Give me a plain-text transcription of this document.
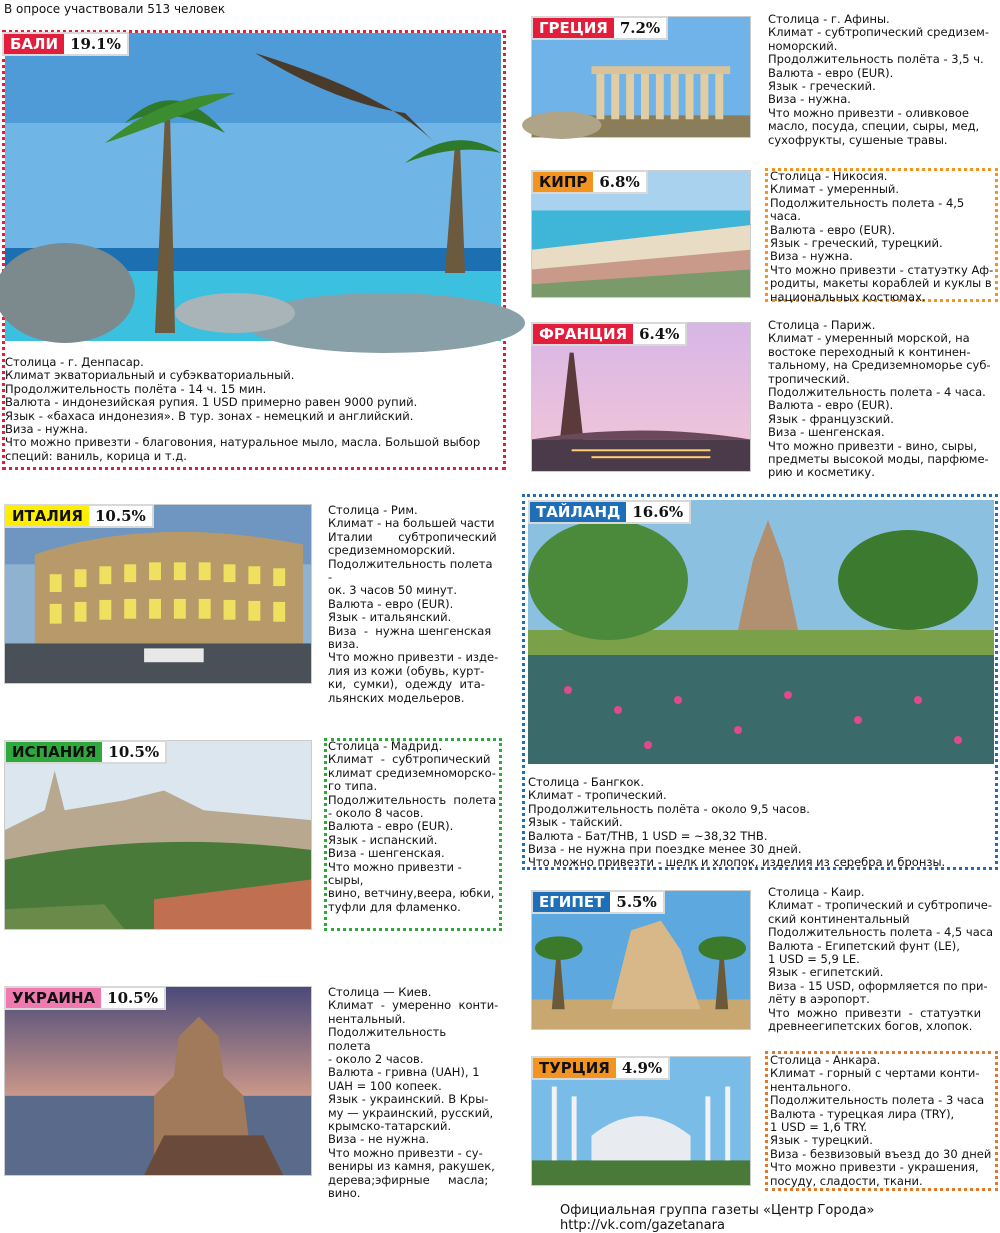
В опросе участвовали 513 человек
БАЛИ 19.1%
Столица - г. Денпасар.
Климат экваториальный и субэкваториальный.
Продолжительность полёта - 14 ч. 15 мин.
Валюта - индонезийская рупия. 1 USD примерно равен 9000 рупий.
Язык - «бахаса индонезия». В тур. зонах - немецкий и английский.
Виза - нужна.
Что можно привезти - благовония, натуральное мыло, масла. Большой выбор
специй: ваниль, корица и т.д.
ГРЕЦИЯ 7.2%	Столица - г. Афины.
Климат - субтропический средизем-
номорский.
Продолжительность полёта - 3,5 ч.
Валюта - евро (EUR).
Язык - греческий.
Виза - нужна.
Что можно привезти - оливковое
масло, посуда, специи, сыры, мед,
сухофрукты, сушеные травы.
КИПР 6.8%	Столица - Никосия.
Климат - умеренный.
Подолжительность полета - 4,5 часа.
Валюта - евро (EUR).
Язык - греческий, турецкий.
Виза - нужна.
Что можно привезти - статуэтку Аф-
родиты, макеты кораблей и куклы в
национальных костюмах.
ФРАНЦИЯ 6.4%	Столица - Париж.
Климат - умеренный морской, на
востоке переходный к континен-
тальному, на Средиземноморье суб-
тропический.
Подолжительность полета - 4 часа.
Валюта - евро (EUR).
Язык - французский.
Виза - шенгенская.
Что можно привезти - вино, сыры,
предметы высокой моды, парфюме-
рию и косметику.
ИТАЛИЯ 10.5%	Столица - Рим.
Климат - на большей части
Италии       субтропический
средиземноморский.
Подолжительность полета -
ок. 3 часов 50 минут.
Валюта - евро (EUR).
Язык - итальянский.
Виза  -  нужна шенгенская
виза.
Что можно привезти - изде-
лия из кожи (обувь, курт-
ки,  сумки),  одежду  ита-
льянских модельеров.
ТАЙЛАНД 16.6%
Столица - Бангкок.
Климат - тропический.
Продолжительность полёта - около 9,5 часов.
Язык - тайский.
Валюта - Бат/THB, 1 USD = ~38,32 THB.
Виза - не нужна при поездке менее 30 дней.
Что можно привезти - шелк и хлопок, изделия из серебра и бронзы.
ИСПАНИЯ 10.5%	Столица - Мадрид.
Климат  -  субтропический
климат средиземноморско-
го типа.
Подолжительность  полета
- около 8 часов.
Валюта - евро (EUR).
Язык - испанский.
Виза - шенгенская.
Что можно привезти - сыры,
вино, ветчину,веера, юбки,
туфли для фламенко.	ЕГИПЕТ 5.5%
Столица - Каир.
Климат - тропический и субтропиче-
ский континентальный
Подолжительность полета - 4,5 часа
Валюта - Египетский фунт (LE),
1 USD = 5,9 LE.
Язык - египетский.
Виза - 15 USD, оформляется по при-
лёту в аэропорт.
Что  можно  привезти  -  статуэтки
древнеегипетских богов, хлопок.
УКРАИНА 10.5%	Столица — Киев.
Климат  -  умеренно  конти-
нентальный.
Подолжительность    полета
- около 2 часов.
Валюта - гривна (UAH), 1
UAH = 100 копеек.
Язык - украинский. В Кры-
му — украинский, русский,
крымско-татарский.
Виза - не нужна.
Что можно привезти - су-
вениры из камня, ракушек,
дерева;эфирные     масла;
вино.
ТУРЦИЯ 4.9%	Столица - Анкара.
Климат - горный с чертами конти-
нентального.
Подолжительность полета - 3 часа
Валюта - турецкая лира (TRY),
1 USD = 1,6 TRY.
Язык - турецкий.
Виза - безвизовый въезд до 30 дней
Что можно привезти - украшения,
посуду, сладости, ткани.
Официальная группа газеты «Центр Города» http://vk.com/gazetanara
